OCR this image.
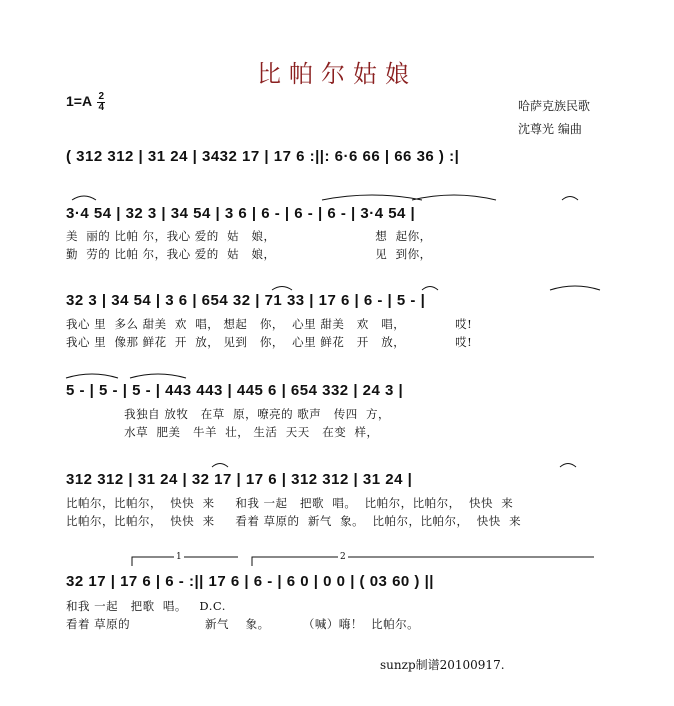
比帕尔姑娘
$1=A \frac{2}{4}$	哈萨克族民歌
沈尊光 编曲
( 312 312 | 31 24 | 3432 17 | 17 6 :||: 6·6 66 | 66 36 ) :|
3·4 54 | 32 3 | 34 54 | 3 6 | 6 - | 6 - | 6 - | 3·4 54 |
美  丽的 比帕 尔，我心 爱的  姑   娘，                        想  起你，
勤  劳的 比帕 尔，我心 爱的  姑   娘，                        见  到你，
32 3 | 34 54 | 3 6 | 654 32 | 71 33 | 17 6 | 6 - | 5 - |
我心 里  多么 甜美  欢  唱， 想起   你，  心里 甜美   欢   唱，            哎!
我心 里  像那 鲜花  开  放， 见到   你，  心里 鲜花   开   放，            哎!
5 - | 5 - | 5 - | 443 443 | 445 6 | 654 332 | 24 3 |
我独自 放牧   在草  原，嘹亮的 歌声   传四  方，
水草  肥美   牛羊  壮， 生活  天天   在变  样，
312 312 | 31 24 | 32 17 | 17 6 | 312 312 | 31 24 |
比帕尔，比帕尔，  快快  来     和我 一起   把歌  唱。  比帕尔，比帕尔，  快快  来
比帕尔，比帕尔，  快快  来     看着 草原的  新气  象。  比帕尔，比帕尔，  快快  来
1	2
32 17 | 17 6 | 6 - :|| 17 6 | 6 - | 6 0 | 0 0 | ( 03 60 ) ||
和我 一起   把歌  唱。   D.C.
看着 草原的                  新气    象。        （喊）嗨！  比帕尔。
sunzp制谱20100917.
